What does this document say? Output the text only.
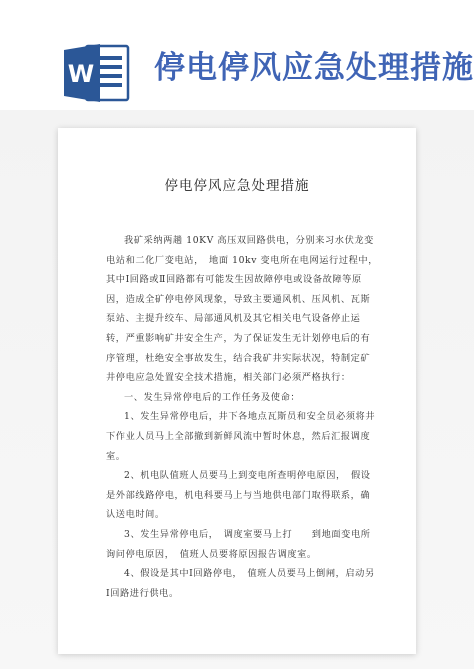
W 停电停风应急处理措施
停电停风应急处理措施

我矿采纳两趟 10KV 高压双回路供电，分别来习水伏龙变电站和二化厂变电站，　地面 10kv 变电所在电网运行过程中，　其中Ⅰ回路或Ⅱ回路都有可能发生因故障停电或设备故障等原因，造成全矿停电停风现象，导致主要通风机、压风机、瓦斯泵站、主提升绞车、局部通风机及其它相关电气设备停止运转，严重影响矿井安全生产，为了保证发生无计划停电后的有序管理，杜绝安全事故发生，结合我矿井实际状况，特制定矿井停电应急处置安全技术措施，相关部门必须严格执行：

一、发生异常停电后的工作任务及使命：

1、发生异常停电后，井下各地点瓦斯员和安全员必须将井下作业人员马上全部撤到新鲜风流中暂时休息，然后汇报调度室。

2、机电队值班人员要马上到变电所查明停电原因，　假设是外部线路停电，机电科要马上与当地供电部门取得联系，确认送电时间。

3、发生异常停电后，　调度室要马上打　　到地面变电所询问停电原因，　值班人员要将原因报告调度室。

4、假设是其中Ⅰ回路停电，　值班人员要马上倒闸，启动另Ⅰ回路进行供电。
